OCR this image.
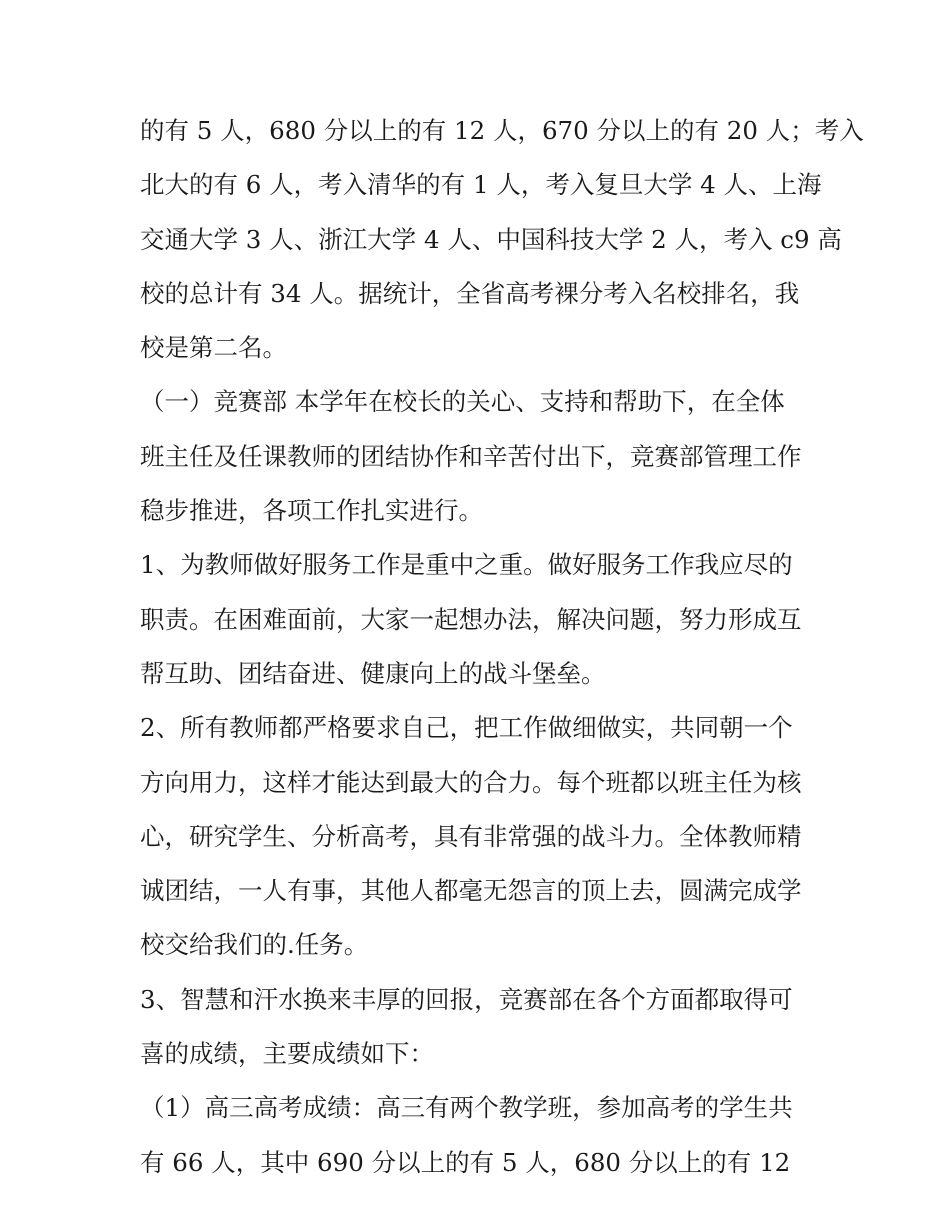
的有 5 人，680 分以上的有 12 人，670 分以上的有 20 人；考入
北大的有 6 人，考入清华的有 1 人，考入复旦大学 4 人、上海
交通大学 3 人、浙江大学 4 人、中国科技大学 2 人，考入 c9 高
校的总计有 34 人。据统计，全省高考裸分考入名校排名，我
校是第二名。
（一）竞赛部 本学年在校长的关心、支持和帮助下，在全体
班主任及任课教师的团结协作和辛苦付出下，竞赛部管理工作
稳步推进，各项工作扎实进行。
1、为教师做好服务工作是重中之重。做好服务工作我应尽的
职责。在困难面前，大家一起想办法，解决问题，努力形成互
帮互助、团结奋进、健康向上的战斗堡垒。
2、所有教师都严格要求自己，把工作做细做实，共同朝一个
方向用力，这样才能达到最大的合力。每个班都以班主任为核
心，研究学生、分析高考，具有非常强的战斗力。全体教师精
诚团结，一人有事，其他人都毫无怨言的顶上去，圆满完成学
校交给我们的.任务。
3、智慧和汗水换来丰厚的回报，竞赛部在各个方面都取得可
喜的成绩，主要成绩如下：
（1）高三高考成绩：高三有两个教学班，参加高考的学生共
有 66 人，其中 690 分以上的有 5 人，680 分以上的有 12
